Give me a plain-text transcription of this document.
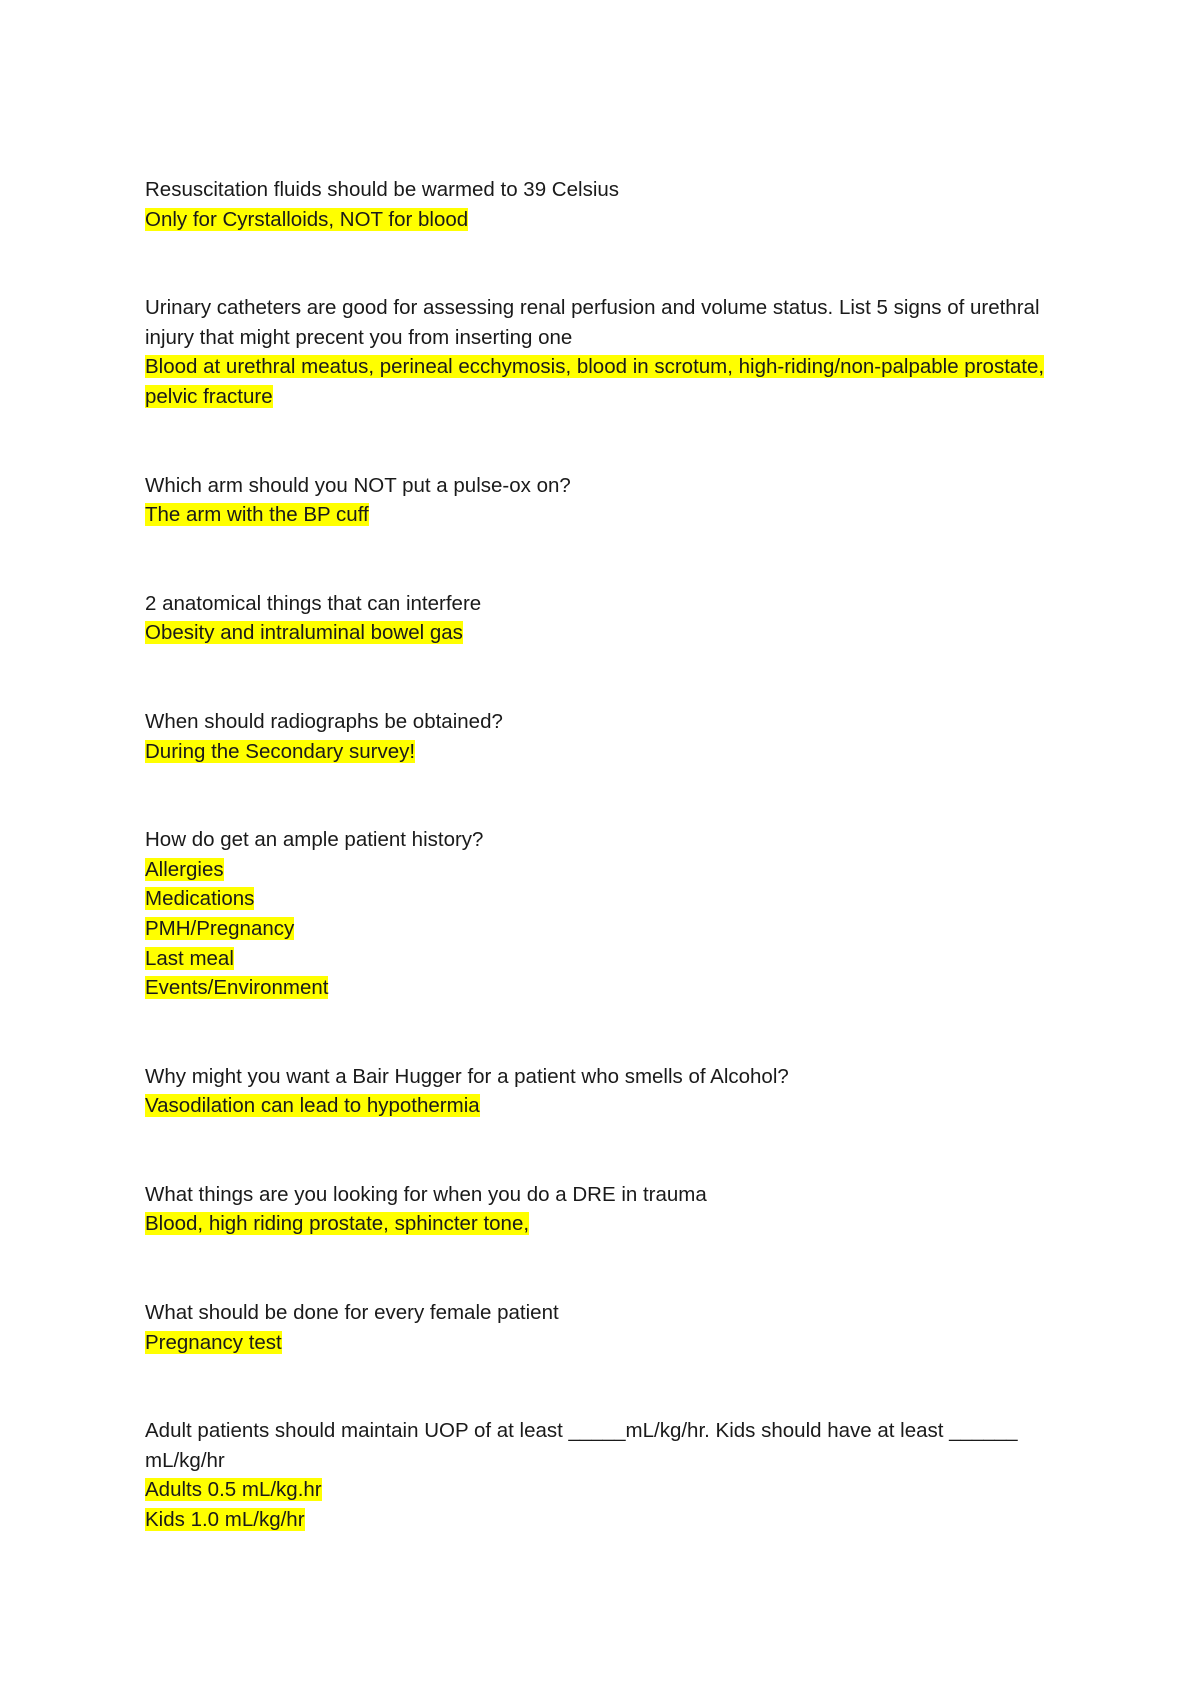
Resuscitation fluids should be warmed to 39 Celsius

Only for Cyrstalloids, NOT for blood

Urinary catheters are good for assessing renal perfusion and volume status. List 5 signs of urethral injury that might precent you from inserting one

Blood at urethral meatus, perineal ecchymosis, blood in scrotum, high-riding/non-palpable prostate, pelvic fracture

Which arm should you NOT put a pulse-ox on?

The arm with the BP cuff

2 anatomical things that can interfere

Obesity and intraluminal bowel gas

When should radiographs be obtained?

During the Secondary survey!

How do get an ample patient history?

Allergies
Medications
PMH/Pregnancy
Last meal
Events/Environment

Why might you want a Bair Hugger for a patient who smells of Alcohol?

Vasodilation can lead to hypothermia

What things are you looking for when you do a DRE in trauma

Blood, high riding prostate, sphincter tone,

What should be done for every female patient

Pregnancy test

Adult patients should maintain UOP of at least _____mL/kg/hr. Kids should have at least ______ mL/kg/hr

Adults 0.5 mL/kg.hr
Kids 1.0 mL/kg/hr
